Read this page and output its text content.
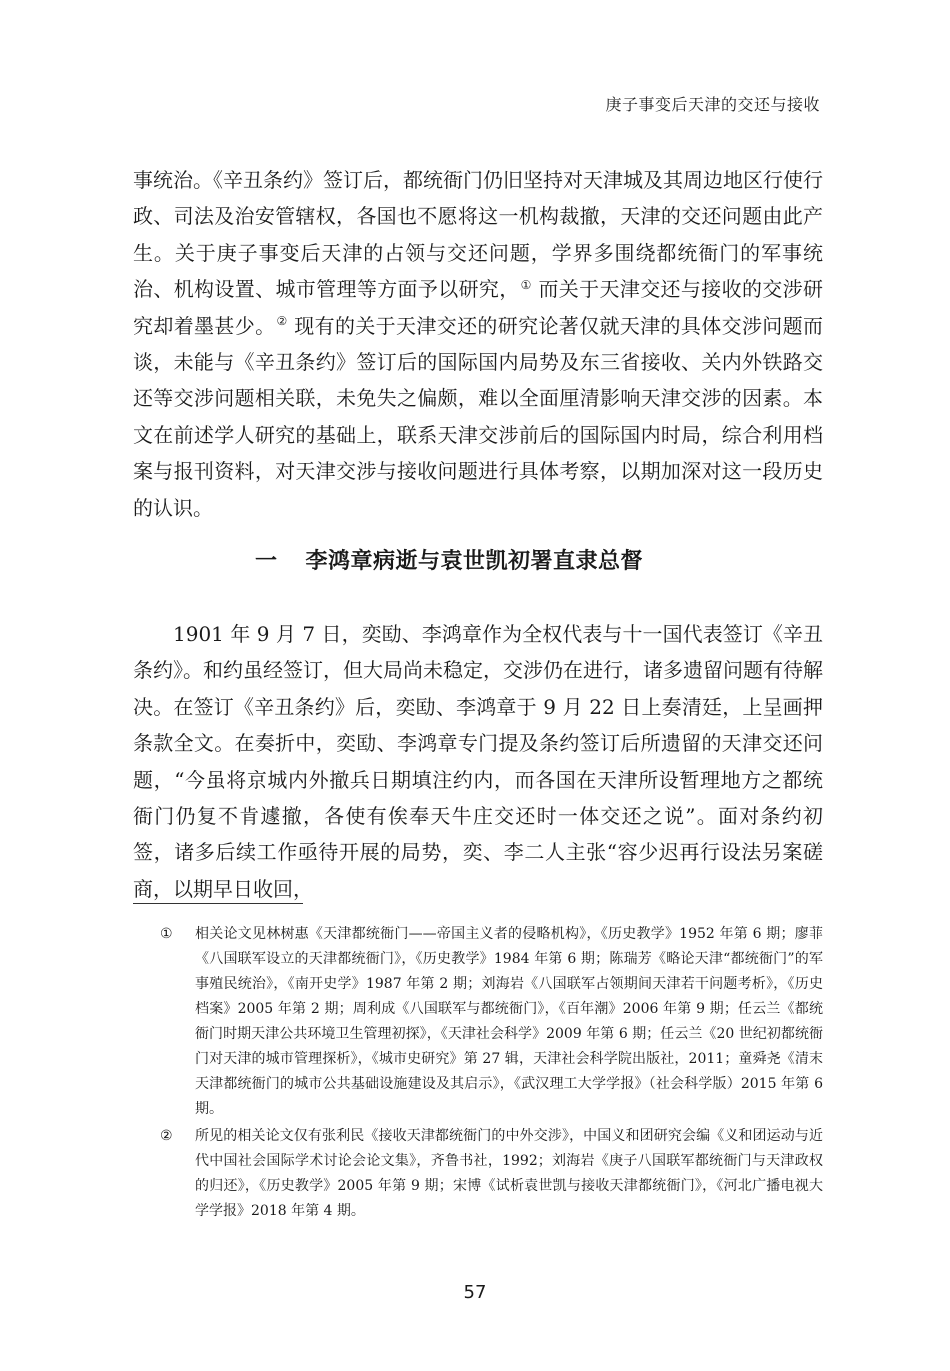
庚子事变后天津的交还与接收

事统治。《辛丑条约》签订后，都统衙门仍旧坚持对天津城及其周边地区行使行政、司法及治安管辖权，各国也不愿将这一机构裁撤，天津的交还问题由此产生。关于庚子事变后天津的占领与交还问题，学界多围绕都统衙门的军事统治、机构设置、城市管理等方面予以研究，① 而关于天津交还与接收的交涉研究却着墨甚少。② 现有的关于天津交还的研究论著仅就天津的具体交涉问题而谈，未能与《辛丑条约》签订后的国际国内局势及东三省接收、关内外铁路交还等交涉问题相关联，未免失之偏颇，难以全面厘清影响天津交涉的因素。本文在前述学人研究的基础上，联系天津交涉前后的国际国内时局，综合利用档案与报刊资料，对天津交涉与接收问题进行具体考察，以期加深对这一段历史的认识。

一 李鸿章病逝与袁世凯初署直隶总督

1901 年 9 月 7 日，奕劻、李鸿章作为全权代表与十一国代表签订《辛丑条约》。和约虽经签订，但大局尚未稳定，交涉仍在进行，诸多遗留问题有待解决。在签订《辛丑条约》后，奕劻、李鸿章于 9 月 22 日上奏清廷，上呈画押条款全文。在奏折中，奕劻、李鸿章专门提及条约签订后所遗留的天津交还问题，“今虽将京城内外撤兵日期填注约内，而各国在天津所设暂理地方之都统衙门仍复不肯遽撤，各使有俟奉天牛庄交还时一体交还之说”。面对条约初签，诸多后续工作亟待开展的局势，奕、李二人主张“容少迟再行设法另案磋商，以期早日收回，

① 相关论文见林树惠《天津都统衙门——帝国主义者的侵略机构》，《历史教学》1952 年第 6 期；廖菲《八国联军设立的天津都统衙门》，《历史教学》1984 年第 6 期；陈瑞芳《略论天津“都统衙门”的军事殖民统治》，《南开史学》1987 年第 2 期；刘海岩《八国联军占领期间天津若干问题考析》，《历史档案》2005 年第 2 期；周利成《八国联军与都统衙门》，《百年潮》2006 年第 9 期；任云兰《都统衙门时期天津公共环境卫生管理初探》，《天津社会科学》2009 年第 6 期；任云兰《20 世纪初都统衙门对天津的城市管理探析》，《城市史研究》第 27 辑，天津社会科学院出版社，2011；童舜尧《清末天津都统衙门的城市公共基础设施建设及其启示》，《武汉理工大学学报》（社会科学版）2015 年第 6 期。
② 所见的相关论文仅有张利民《接收天津都统衙门的中外交涉》，中国义和团研究会编《义和团运动与近代中国社会国际学术讨论会论文集》，齐鲁书社，1992；刘海岩《庚子八国联军都统衙门与天津政权的归还》，《历史教学》2005 年第 9 期；宋博《试析袁世凯与接收天津都统衙门》，《河北广播电视大学学报》2018 年第 4 期。
57
